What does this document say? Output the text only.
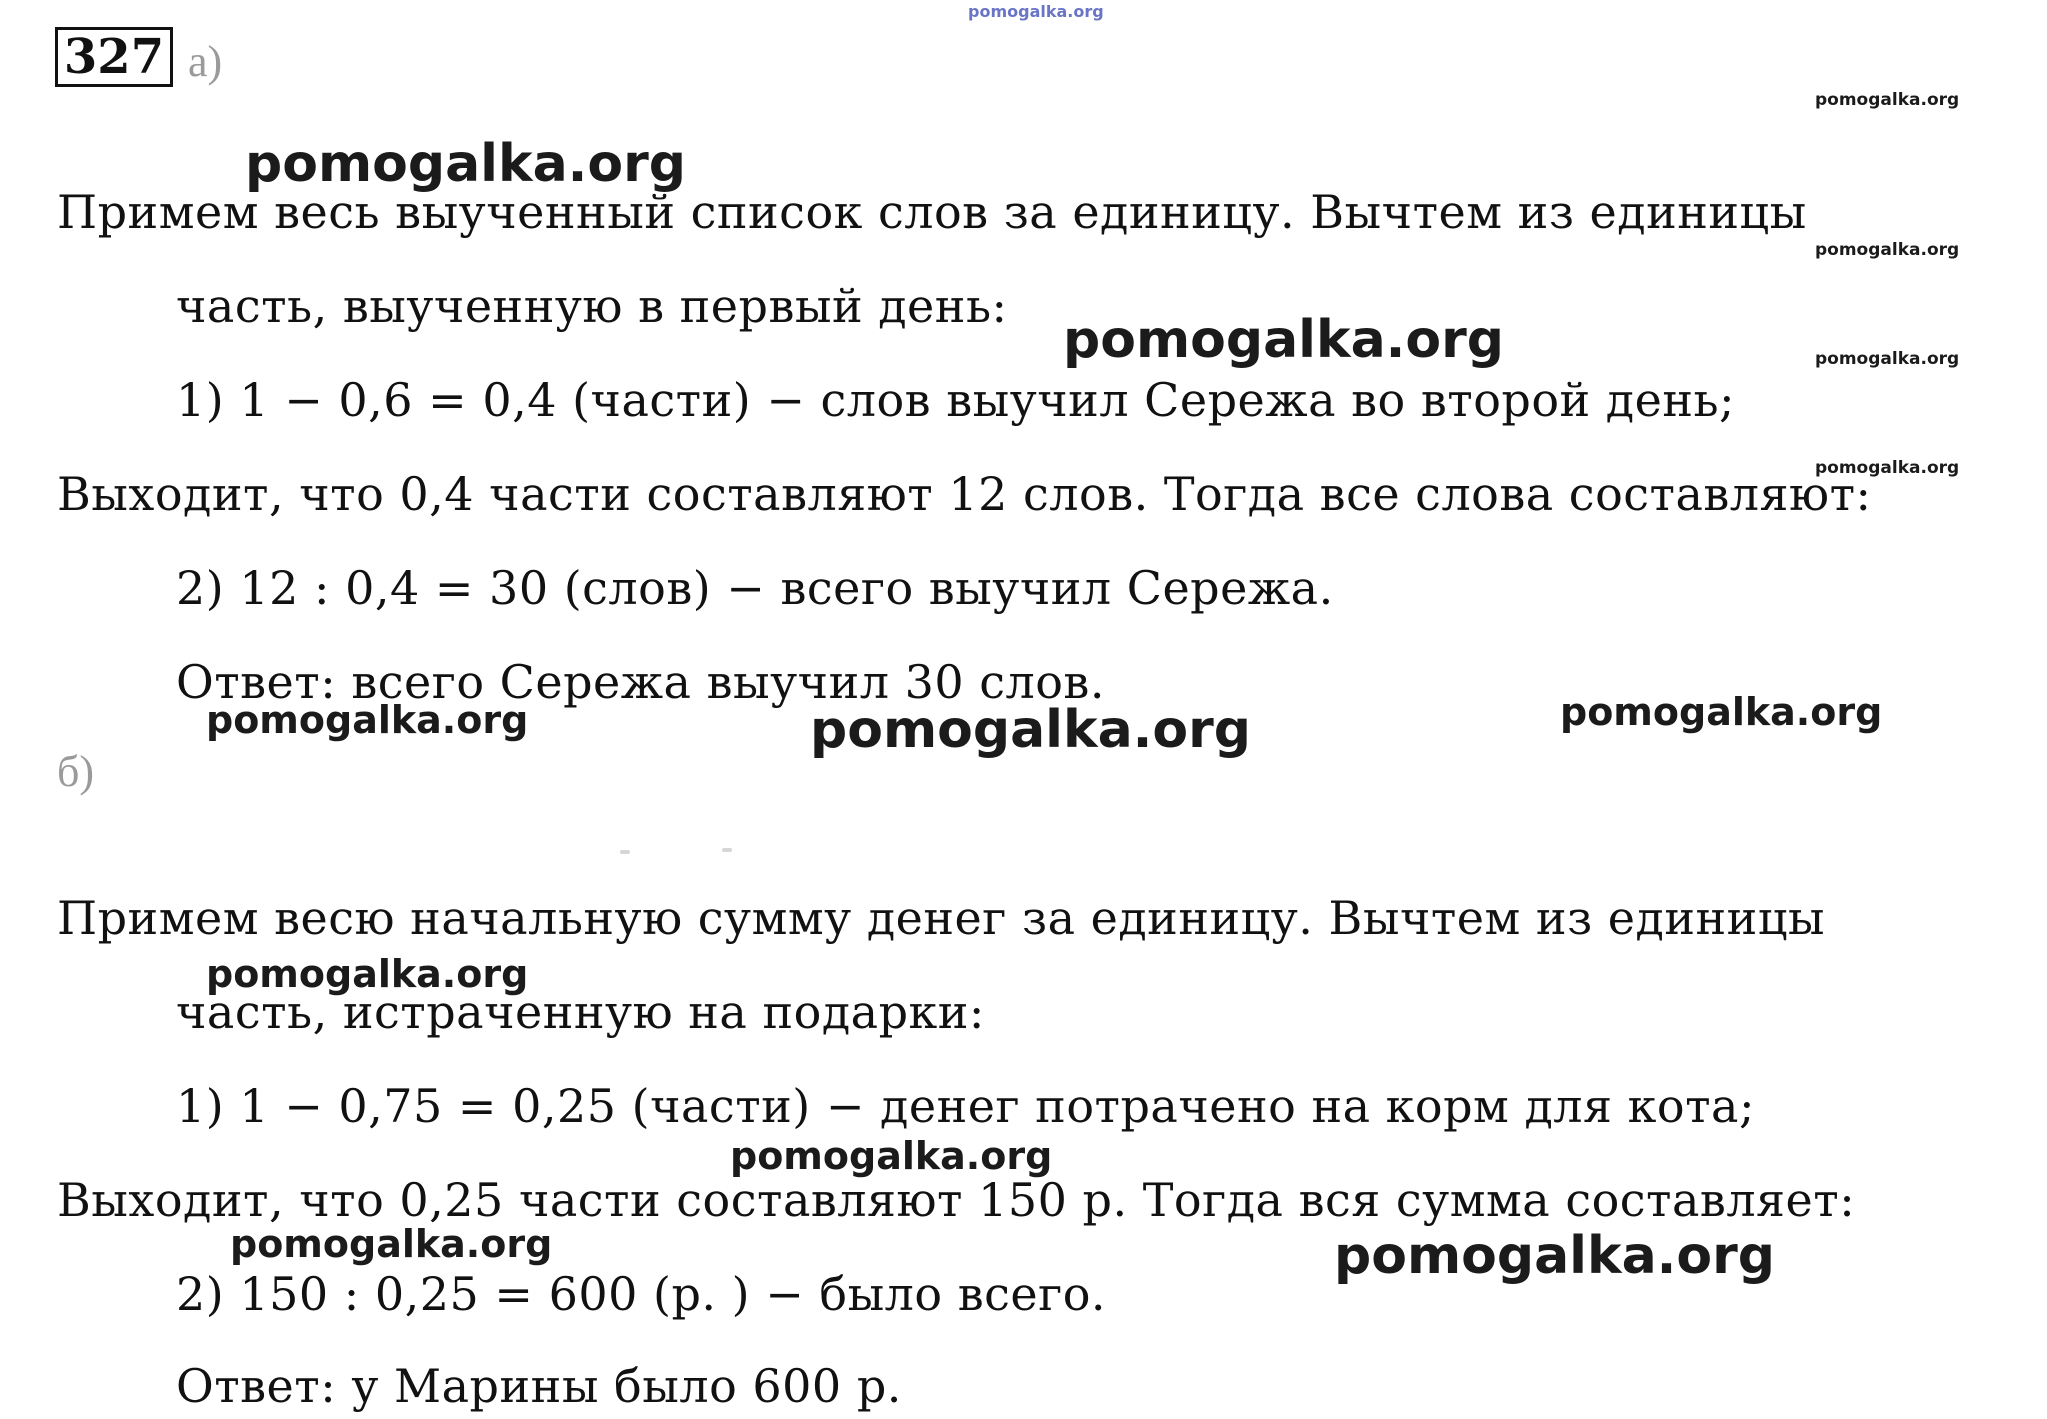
pomogalka.org
327 а)
Примем весь выученный список слов за единицу. Вычтем из единицы
часть, выученную в первый день:
1) 1 − 0,6 = 0,4 (части) − слов выучил Сережа во второй день;
Выходит, что 0,4 части составляют 12 слов. Тогда все слова составляют:
2) 12 : 0,4 = 30 (слов) − всего выучил Сережа.
Ответ: всего Сережа выучил 30 слов.
б)
Примем весю начальную сумму денег за единицу. Вычтем из единицы
часть, истраченную на подарки:
1) 1 − 0,75 = 0,25 (части) − денег потрачено на корм для кота;
Выходит, что 0,25 части составляют 150 р. Тогда вся сумма составляет:
2) 150 : 0,25 = 600 (р. ) − было всего.
Ответ: у Марины было 600 р.
pomogalka.org
pomogalka.org
pomogalka.org
pomogalka.org	pomogalka.org
pomogalka.org
pomogalka.org	pomogalka.org	pomogalka.org
pomogalka.org
pomogalka.org
pomogalka.org	pomogalka.org
